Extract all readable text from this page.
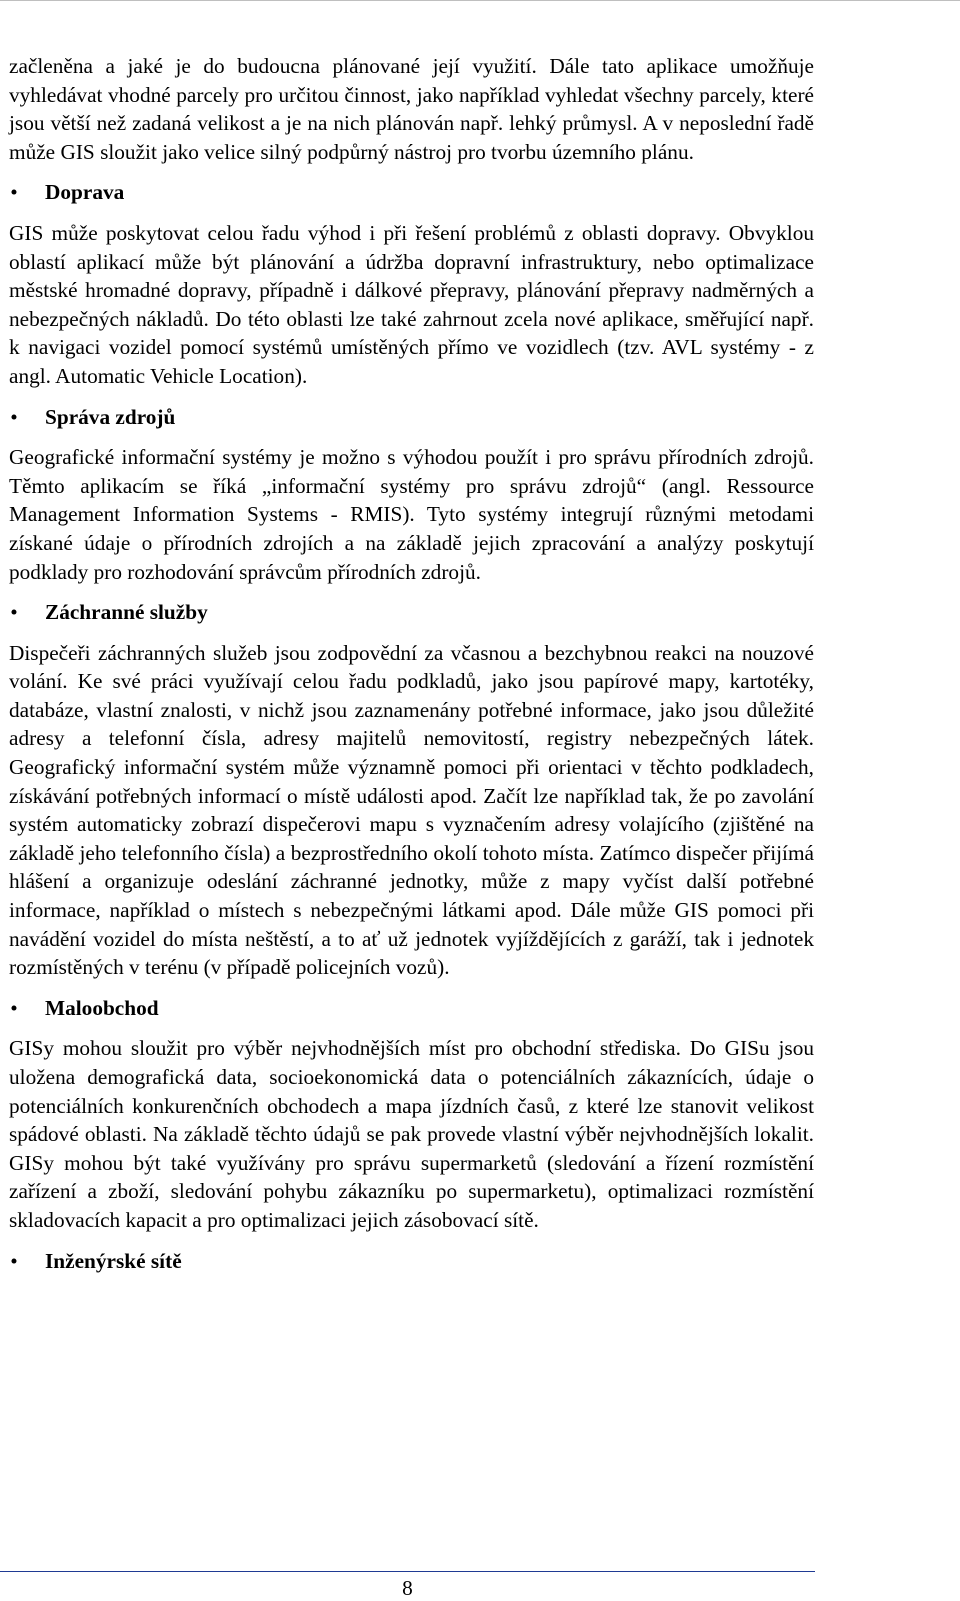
začleněna a jaké je do budoucna plánované její využití. Dále tato aplikace umožňuje vyhledávat vhodné parcely pro určitou činnost, jako například vyhledat všechny parcely, které jsou větší než zadaná velikost a je na nich plánován např. lehký průmysl. A v neposlední řadě může GIS sloužit jako velice silný podpůrný nástroj pro tvorbu územního plánu.

• Doprava

GIS může poskytovat celou řadu výhod i při řešení problémů z oblasti dopravy. Obvyklou oblastí aplikací může být plánování a údržba dopravní infrastruktury, nebo optimalizace městské hromadné dopravy, případně i dálkové přepravy, plánování přepravy nadměrných a nebezpečných nákladů. Do této oblasti lze také zahrnout zcela nové aplikace, směřující např. k navigaci vozidel pomocí systémů umístěných přímo ve vozidlech (tzv. AVL systémy - z angl. Automatic Vehicle Location).

• Správa zdrojů

Geografické informační systémy je možno s výhodou použít i pro správu přírodních zdrojů. Těmto aplikacím se říká „informační systémy pro správu zdrojů“ (angl. Ressource Management Information Systems - RMIS). Tyto systémy integrují různými metodami získané údaje o přírodních zdrojích a na základě jejich zpracování a analýzy poskytují podklady pro rozhodování správcům přírodních zdrojů.

• Záchranné služby

Dispečeři záchranných služeb jsou zodpovědní za včasnou a bezchybnou reakci na nouzové volání. Ke své práci využívají celou řadu podkladů, jako jsou papírové mapy, kartotéky, databáze, vlastní znalosti, v nichž jsou zaznamenány potřebné informace, jako jsou důležité adresy a telefonní čísla, adresy majitelů nemovitostí, registry nebezpečných látek. Geografický informační systém může významně pomoci při orientaci v těchto podkladech, získávání potřebných informací o místě události apod. Začít lze například tak, že po zavolání systém automaticky zobrazí dispečerovi mapu s vyznačením adresy volajícího (zjištěné na základě jeho telefonního čísla) a bezprostředního okolí tohoto místa. Zatímco dispečer přijímá hlášení a organizuje odeslání záchranné jednotky, může z mapy vyčíst další potřebné informace, například o místech s nebezpečnými látkami apod. Dále může GIS pomoci při navádění vozidel do místa neštěstí, a to ať už jednotek vyjíždějících z garáží, tak i jednotek rozmístěných v terénu (v případě policejních vozů).

• Maloobchod

GISy mohou sloužit pro výběr nejvhodnějších míst pro obchodní střediska. Do GISu jsou uložena demografická data, socioekonomická data o potenciálních zákaznících, údaje o potenciálních konkurenčních obchodech a mapa jízdních časů, z které lze stanovit velikost spádové oblasti. Na základě těchto údajů se pak provede vlastní výběr nejvhodnějších lokalit. GISy mohou být také využívány pro správu supermarketů (sledování a řízení rozmístění zařízení a zboží, sledování pohybu zákazníku po supermarketu), optimalizaci rozmístění skladovacích kapacit a pro optimalizaci jejich zásobovací sítě.

• Inženýrské sítě
8
